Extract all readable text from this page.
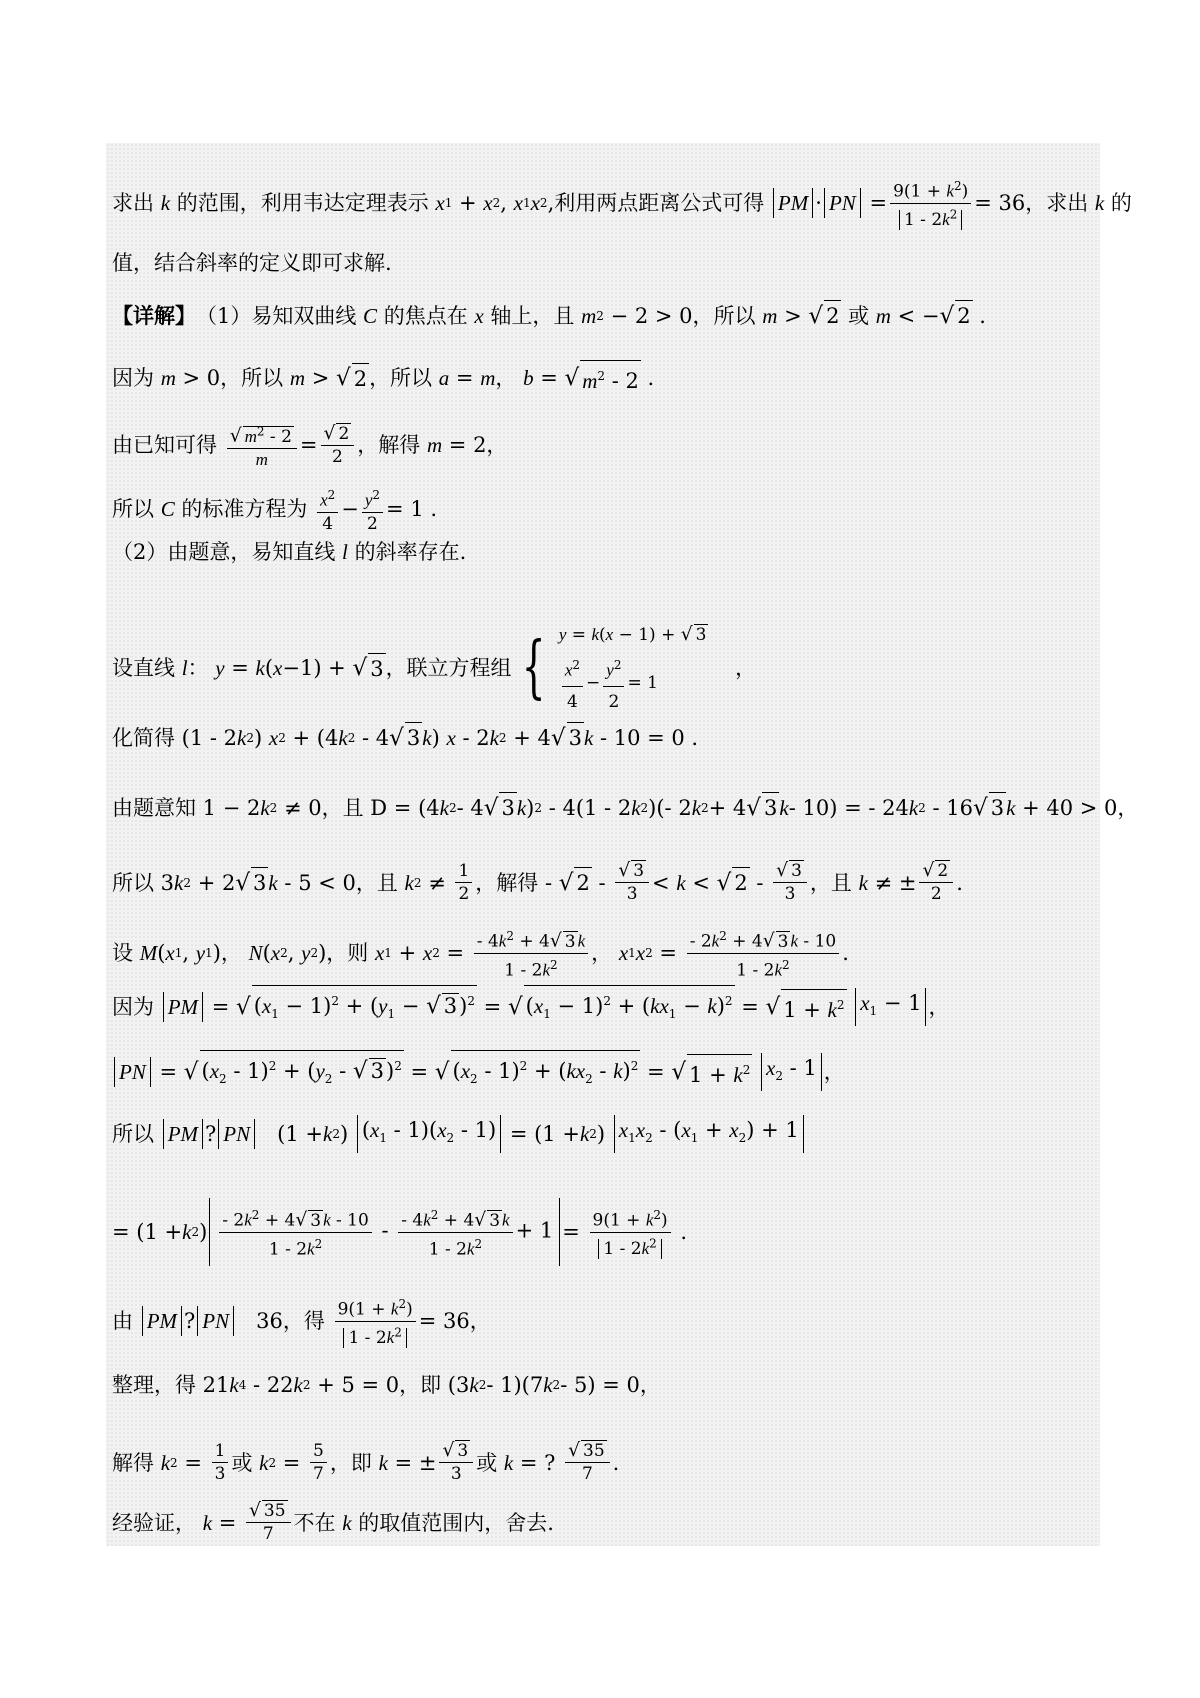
求出 k 的范围，利用韦达定理表示 x 1 + x 2 , x 1 x 2 ,利用两点距离公式可得 PM · PN = $\frac{9(1 + k^2)}{1 - 2k^2} = 36$，求出 k 的
值，结合斜率的定义即可求解.
【详解】 （1）易知双曲线 C 的焦点在 x 轴上，且 m 2 − 2 > 0，所以 m > √ 2 或 m < − √ 2 .
因为 m > 0，所以 m > √ 2 ，所以 a = m ， b = √ $m^2 - 2$ .
由已知可得 $\frac{√ m^2 - 2}{m} = \frac{√ 2}{2}$ ，解得 m = 2，
所以 C 的标准方程为 $\frac{x^2}{4} - \frac{y^2}{2} = 1$ .
（2）由题意，易知直线 l 的斜率存在.
设直线 l ： y = k ( x −1) + √ 3 ，联立方程组 { y = k(x − 1) + √ 3
$\frac{x^2}{4} - \frac{y^2}{2} = 1$
，
化简得 (1 - 2 k 2 ) x 2 + (4 k 2 - 4 √ 3 k ) x - 2 k 2 + 4 √ 3 k - 10 = 0 .
由题意知 1 − 2 k 2 ≠ 0，且 D = (4 k 2 - 4 √ 3 k ) 2 - 4(1 - 2 k 2 )(- 2 k 2 + 4 √ 3 k - 10) = - 24 k 2 - 16 √ 3 k + 40 > 0，
所以 3 k 2 + 2 √ 3 k - 5 < 0，且 k $2 \ne \frac{1}{2}$ ，解得 - √ $2 - \frac{√ 3}{3} < k$ < √ $2 - \frac{√ 3}{3}$ ，且 k ≠ ± $\frac{√ 2}{2}$ .
设 M ( x 1 , y 1 )， N ( x 2 , y 2 )，则 x 1 + x $2 = \frac{- 4k^2 + 4√ 3 k}{1 - 2k^2}$ ， x 1 x $2 = \frac{- 2k^2 + 4√ 3 k - 10}{1 - 2k^2}$ .
因为 PM = √ $(x_1 - 1)^2 + (y_1$ − √ 3)$^2$ = √ $(x_1 - 1)^2 + (kx_1 - k)^2$ = √ $1 + k^2$
$x_1 - 1$ ，
PN = √ $(x_2 - 1)^2 + (y_2$ - √ 3)$^2$ = √ $(x_2 - 1)^2 + (kx_2 - k)^2$ = √ $1 + k^2$
$x_2 - 1$ ，
所以 PM ? PN (1 + k 2 ) $(x_1 - 1)(x_2 - 1) = (1 + k$ 2 ) $x_1x_2 - (x_1 + x_2) + 1$
= (1 + k 2 ) $\frac{- 2k^2 + 4√ 3 k - 10}{1 - 2k^2} - \frac{- 4k^2 + 4√ 3 k}{1 - 2k^2} + 1 = \frac{9(1 + k^2)}{1 - 2k^2}$ .
由 PM ? PN 36，得 $\frac{9(1 + k^2)}{1 - 2k^2} = 36$，
整理，得 21 k 4 - 22 k 2 + 5 = 0，即 (3 k 2 - 1)(7 k 2 - 5) = 0，
解得 k $2 = \frac{1}{3}$ 或 k $2 = \frac{5}{7}$ ，即 k = ± $\frac{√ 3}{3}$ 或 k = ? $\frac{√ 35}{7}$ .
经验证， $k = \frac{√ 35}{7}$ 不在 k 的取值范围内，舍去.
